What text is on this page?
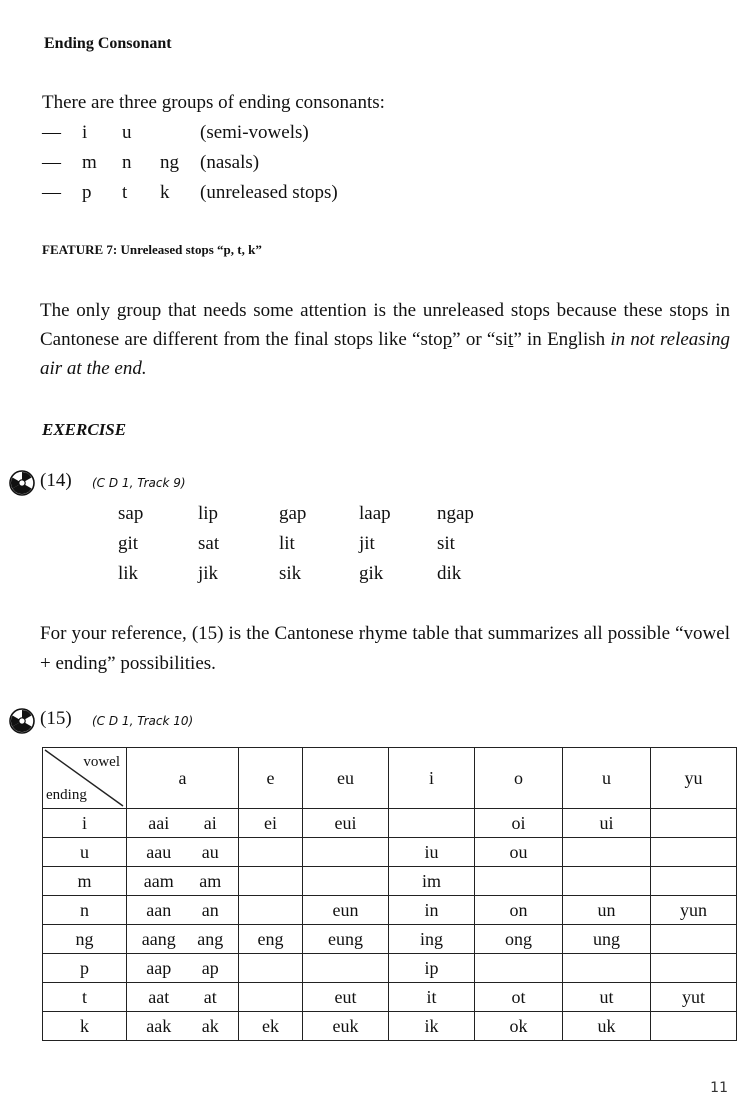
Ending Consonant
There are three groups of ending consonants:
— i u	(semi-vowels)
— m n ng (nasals)
— p t k (unreleased stops)
FEATURE 7: Unreleased stops “p, t, k”
The only group that needs some attention is the unreleased stops because these stops in Cantonese are different from the final stops like “stop” or “sit” in English in not releasing air at the end.
EXERCISE
(14) (C D 1, Track 9)
sap	lip	gap	laap ngap
git	sat	lit	jit	sit
lik	jik	sik	gik	dik
For your reference, (15) is the Cantonese rhyme table that summarizes all possible “vowel + ending” possibilities.
(15) (C D 1, Track 10)
vowel
ending	a	e	eu	i	o	u	yu
i	aai ai	ei	eui		oi	ui	
u	aau au			iu	ou		
m	aam am			im			
n	aan an		eun	in	on	un	yun
ng	aang ang	eng	eung	ing	ong	ung	
p	aap ap			ip			
t	aat at		eut	it	ot	ut	yut
k	aak ak	ek	euk	ik	ok	uk	
11
